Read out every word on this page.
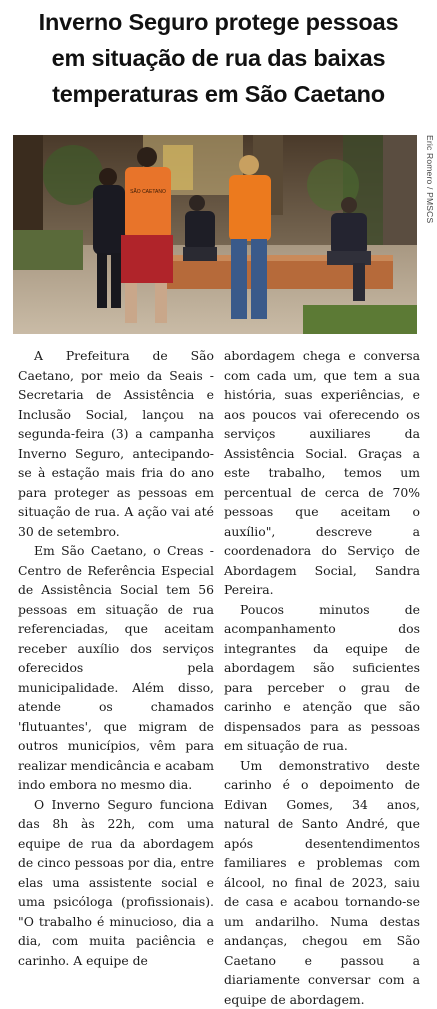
Inverno Seguro protege pessoas
em situação de rua das baixas
temperaturas em São Caetano
SÃO CAETANO	Eric Romero / PMSCS

A Prefeitura de São Caetano, por meio da Seais - Secretaria de Assistência e Inclusão Social, lançou na segunda-feira (3) a campanha Inverno Seguro, antecipando-se à estação mais fria do ano para proteger as pessoas em situação de rua. A ação vai até 30 de setembro.

Em São Caetano, o Creas - Centro de Referência Especial de Assistência Social tem 56 pessoas em situação de rua referenciadas, que aceitam receber auxílio dos serviços oferecidos pela municipalidade. Além disso, atende os chamados 'flutuantes', que migram de outros municípios, vêm para realizar mendicância e acabam indo embora no mesmo dia.

O Inverno Seguro funciona das 8h às 22h, com uma equipe de rua da abordagem de cinco pessoas por dia, entre elas uma assistente social e uma psicóloga (profissionais). "O trabalho é minucioso, dia a dia, com muita paciência e carinho. A equipe de

abordagem chega e conversa com cada um, que tem a sua história, suas experiências, e aos poucos vai oferecendo os serviços auxiliares da Assistência Social. Graças a este trabalho, temos um percentual de cerca de 70% pessoas que aceitam o auxílio", descreve a coordenadora do Serviço de Abordagem Social, Sandra Pereira.

Poucos minutos de acompanhamento dos integrantes da equipe de abordagem são suficientes para perceber o grau de carinho e atenção que são dispensados para as pessoas em situação de rua.

Um demonstrativo deste carinho é o depoimento de Edivan Gomes, 34 anos, natural de Santo André, que após desentendimentos familiares e problemas com álcool, no final de 2023, saiu de casa e acabou tornando-se um andarilho. Numa destas andanças, chegou em São Caetano e passou a diariamente conversar com a equipe de abordagem.
